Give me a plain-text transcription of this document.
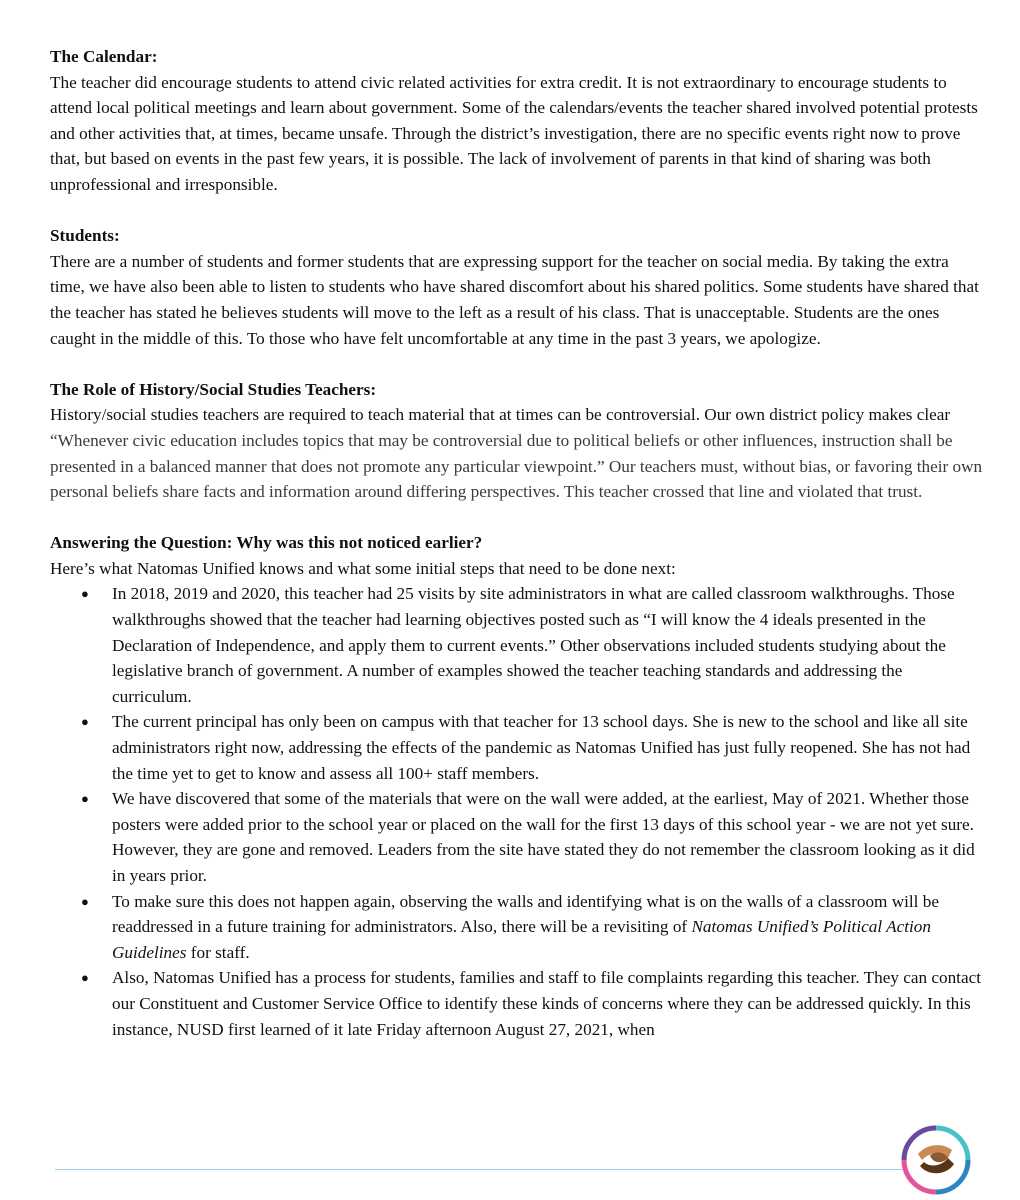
The Calendar:
The teacher did encourage students to attend civic related activities for extra credit. It is not extraordinary to encourage students to attend local political meetings and learn about government. Some of the calendars/events the teacher shared involved potential protests and other activities that, at times, became unsafe. Through the district’s investigation, there are no specific events right now to prove that, but based on events in the past few years, it is possible. The lack of involvement of parents in that kind of sharing was both unprofessional and irresponsible.
Students:
There are a number of students and former students that are expressing support for the teacher on social media. By taking the extra time, we have also been able to listen to students who have shared discomfort about his shared politics. Some students have shared that the teacher has stated he believes students will move to the left as a result of his class. That is unacceptable. Students are the ones caught in the middle of this. To those who have felt uncomfortable at any time in the past 3 years, we apologize.
The Role of History/Social Studies Teachers:
History/social studies teachers are required to teach material that at times can be controversial. Our own district policy makes clear “Whenever civic education includes topics that may be controversial due to political beliefs or other influences, instruction shall be presented in a balanced manner that does not promote any particular viewpoint.” Our teachers must, without bias, or favoring their own personal beliefs share facts and information around differing perspectives. This teacher crossed that line and violated that trust.
Answering the Question: Why was this not noticed earlier?
Here’s what Natomas Unified knows and what some initial steps that need to be done next:
● In 2018, 2019 and 2020, this teacher had 25 visits by site administrators in what are called classroom walkthroughs. Those walkthroughs showed that the teacher had learning objectives posted such as “I will know the 4 ideals presented in the Declaration of Independence, and apply them to current events.” Other observations included students studying about the legislative branch of government. A number of examples showed the teacher teaching standards and addressing the curriculum.
● The current principal has only been on campus with that teacher for 13 school days. She is new to the school and like all site administrators right now, addressing the effects of the pandemic as Natomas Unified has just fully reopened. She has not had the time yet to get to know and assess all 100+ staff members.
● We have discovered that some of the materials that were on the wall were added, at the earliest, May of 2021. Whether those posters were added prior to the school year or placed on the wall for the first 13 days of this school year - we are not yet sure. However, they are gone and removed. Leaders from the site have stated they do not remember the classroom looking as it did in years prior.
● To make sure this does not happen again, observing the walls and identifying what is on the walls of a classroom will be readdressed in a future training for administrators. Also, there will be a revisiting of Natomas Unified’s Political Action Guidelines for staff.
● Also, Natomas Unified has a process for students, families and staff to file complaints regarding this teacher. They can contact our Constituent and Customer Service Office to identify these kinds of concerns where they can be addressed quickly. In this instance, NUSD first learned of it late Friday afternoon August 27, 2021, when
